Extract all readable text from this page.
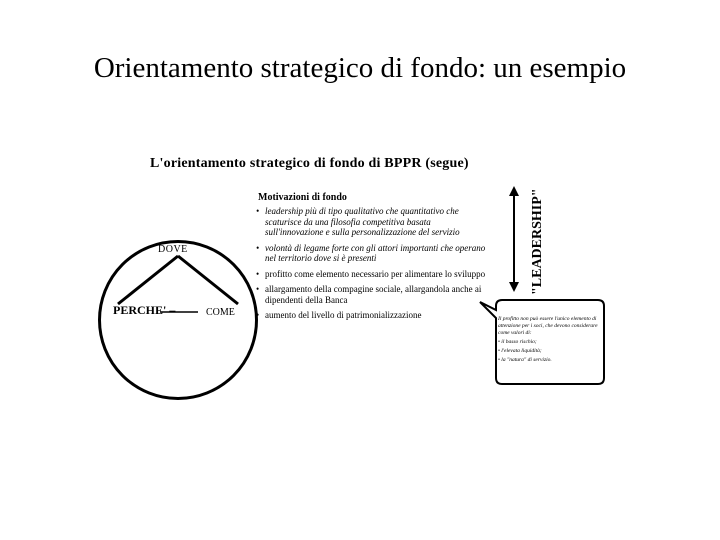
Orientamento strategico di fondo: un esempio
L'orientamento strategico di fondo di BPPR (segue)
DOVE
PERCHE' –	COME
Motivazioni di fondo
• leadership più di tipo qualitativo che quantitativo che scaturisce da una filosofia competitiva basata sull'innovazione e sulla personalizzazione del servizio
• volontà di legame forte con gli attori importanti che operano nel territorio dove si è presenti
• profitto come elemento necessario per alimentare lo sviluppo
• allargamento della compagine sociale, allargandola anche ai dipendenti della Banca
• aumento del livello di patrimonializzazione
"LEADERSHIP"

Il profitto non può essere l'unico elemento di attenzione per i soci, che devono considerare come valori di:

• il basso rischio;

• l'elevata liquidità;

• la "natura" di servizio.
